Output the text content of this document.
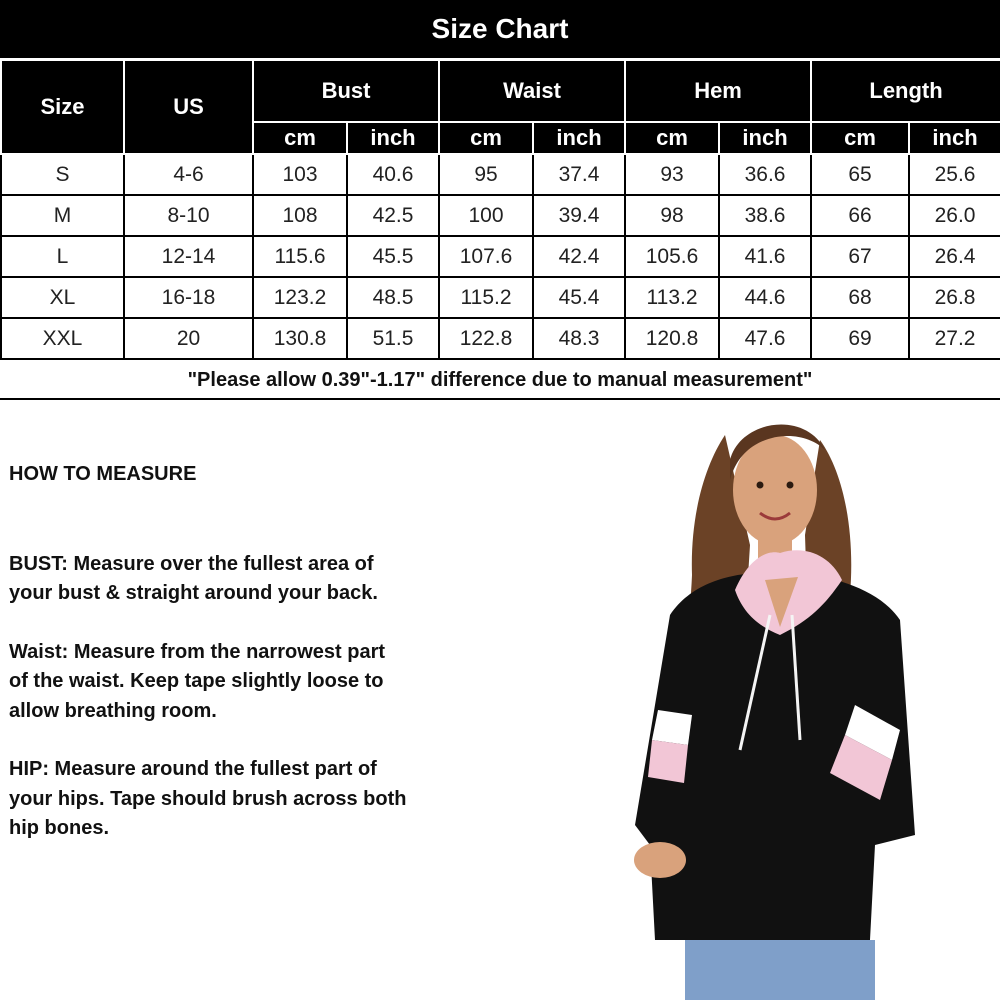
Size Chart
Size	US	Bust		Waist		Hem		Length	
		cm	inch	cm	inch	cm	inch	cm	inch
S	4-6	103	40.6	95	37.4	93	36.6	65	25.6
M	8-10	108	42.5	100	39.4	98	38.6	66	26.0
L	12-14	115.6	45.5	107.6	42.4	105.6	41.6	67	26.4
XL	16-18	123.2	48.5	115.2	45.4	113.2	44.6	68	26.8
XXL	20	130.8	51.5	122.8	48.3	120.8	47.6	69	27.2
"Please allow 0.39"-1.17" difference due to manual measurement"
HOW TO MEASURE

BUST: Measure over the fullest area of
your bust & straight around your back.

Waist: Measure from the narrowest part
of the waist. Keep tape slightly loose to
allow breathing room.

HIP: Measure around the fullest part of
your hips. Tape should brush across both
hip bones.
